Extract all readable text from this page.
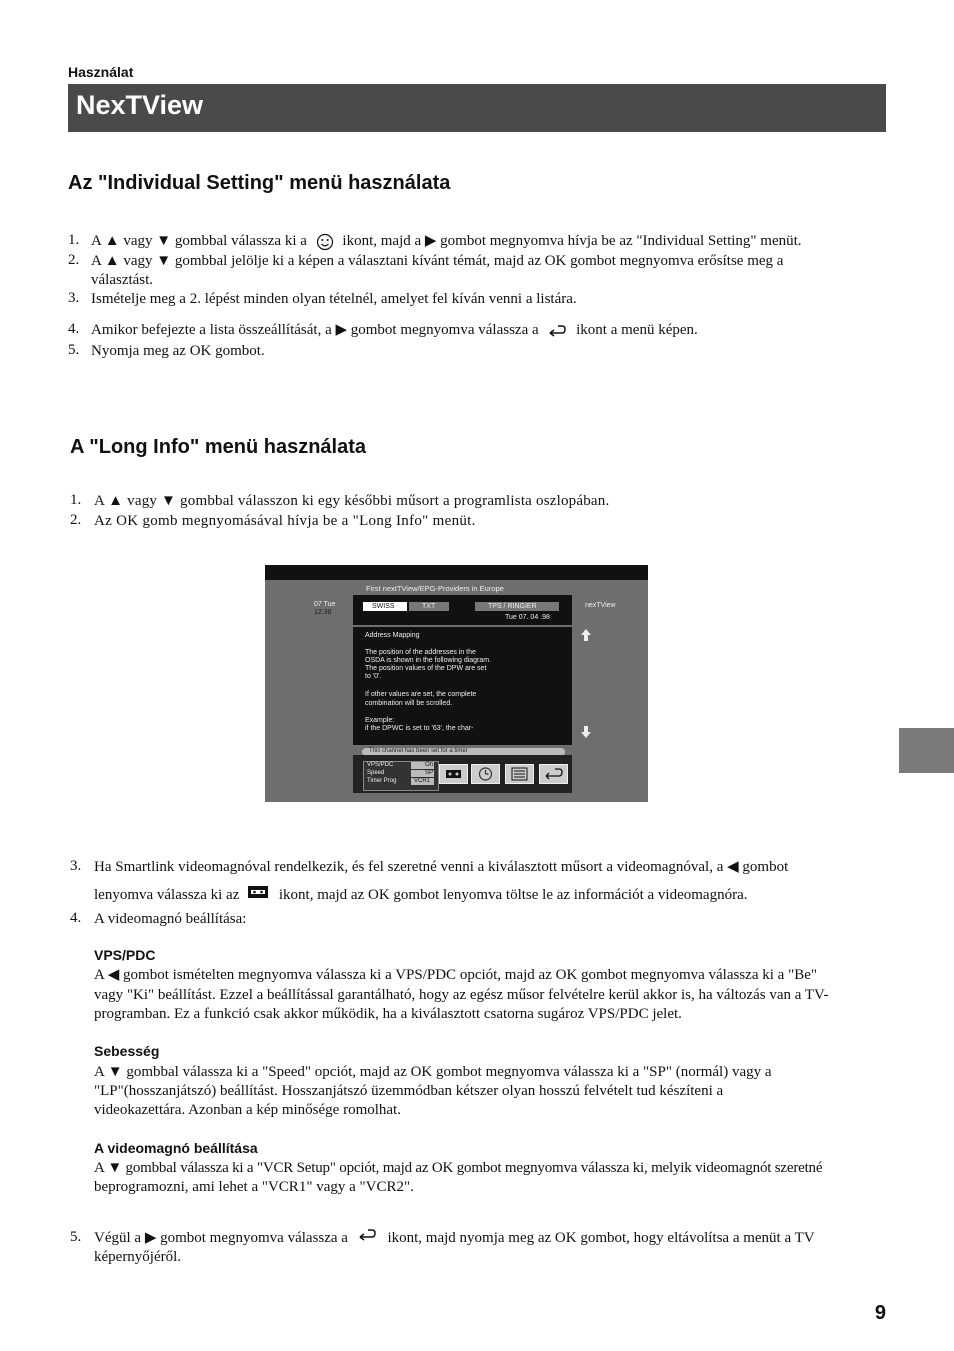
Használat
NexTView
Az "Individual Setting" menü használata
1. A ▲ vagy ▼ gombbal válassza ki a ikont, majd a ▶ gombot megnyomva hívja be az "Individual Setting" menüt.
2. A ▲ vagy ▼ gombbal jelölje ki a képen a választani kívánt témát, majd az OK gombot megnyomva erősítse meg a
választást.
3. Ismételje meg a 2. lépést minden olyan tételnél, amelyet fel kíván venni a listára.
4. Amikor befejezte a lista összeállítását, a ▶ gombot megnyomva válassza a	ikont a menü képen.
5. Nyomja meg az OK gombot.
A "Long Info" menü használata
1. A ▲ vagy ▼ gombbal válasszon ki egy későbbi műsort a programlista oszlopában.
2. Az OK gomb megnyomásával hívja be a "Long Info" menüt.
First nextTView/EPG-Providers in Europe
07 Tue
12:38
nexTView
SWISS	TXT	TPS / RINGIER
Tue 07. 04 .98
Address Mapping
The position of the addresses in the
OSDA is shown in the following diagram.
The position values of the DPW are set
to '0'.
If other values are set, the complete
combination will be scrolled.
Example:
if the DPWC is set to '63', the char-
This channel has been set for a timer
VPS/PDC	On
Speed	SP
Timer Prog	VCR1
3. Ha Smartlink videomagnóval rendelkezik, és fel szeretné venni a kiválasztott műsort a videomagnóval, a ◀ gombot
lenyomva válassza ki az	ikont, majd az OK gombot lenyomva töltse le az információt a videomagnóra.
4. A videomagnó beállítása:
VPS/PDC
A ◀ gombot ismételten megnyomva válassza ki a VPS/PDC opciót, majd az OK gombot megnyomva válassza ki a "Be"
vagy "Ki" beállítást. Ezzel a beállítással garantálható, hogy az egész műsor felvételre kerül akkor is, ha változás van a TV-
programban. Ez a funkció csak akkor működik, ha a kiválasztott csatorna sugároz VPS/PDC jelet.
Sebesség
A ▼ gombbal válassza ki a "Speed" opciót, majd az OK gombot megnyomva válassza ki a "SP" (normál) vagy a
"LP"(hosszanjátszó) beállítást. Hosszanjátszó üzemmódban kétszer olyan hosszú felvételt tud készíteni a
videokazettára. Azonban a kép minősége romolhat.
A videomagnó beállítása
A ▼ gombbal válassza ki a "VCR Setup" opciót, majd az OK gombot megnyomva válassza ki, melyik videomagnót szeretné
beprogramozni, ami lehet a "VCR1" vagy a "VCR2".
5. Végül a ▶ gombot megnyomva válassza a	ikont, majd nyomja meg az OK gombot, hogy eltávolítsa a menüt a TV
képernyőjéről.
9
